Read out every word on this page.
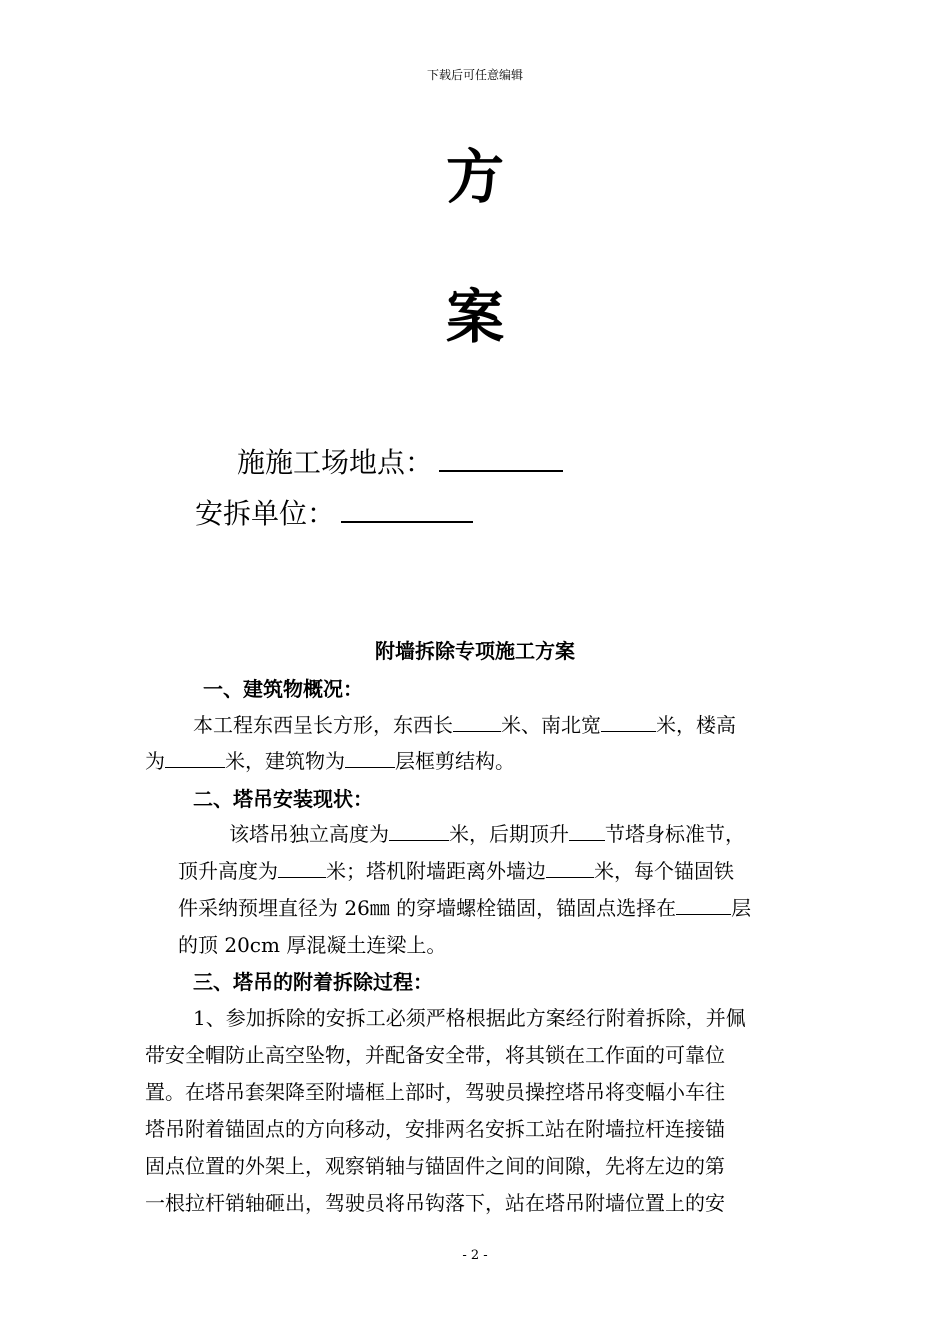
下载后可任意编辑
方
案
施施工场地点：
安拆单位：
附墙拆除专项施工方案
一、建筑物概况：
本工程东西呈长方形，东西长 米、南北宽	米，楼高
为	米，建筑物为	层框剪结构。
二、塔吊安装现状：
该塔吊独立高度为	米，后期顶升 节塔身标准节，
顶升高度为 米；塔机附墙距离外墙边 米，每个锚固铁
件采纳预埋直径为 26㎜ 的穿墙螺栓锚固，锚固点选择在	层
的顶 20cm 厚混凝土连梁上。
三、塔吊的附着拆除过程：
1、参加拆除的安拆工必须严格根据此方案经行附着拆除，并佩
带安全帽防止高空坠物，并配备安全带，将其锁在工作面的可靠位
置。在塔吊套架降至附墙框上部时，驾驶员操控塔吊将变幅小车往
塔吊附着锚固点的方向移动，安排两名安拆工站在附墙拉杆连接锚
固点位置的外架上，观察销轴与锚固件之间的间隙，先将左边的第
一根拉杆销轴砸出，驾驶员将吊钩落下，站在塔吊附墙位置上的安
- 2 -
